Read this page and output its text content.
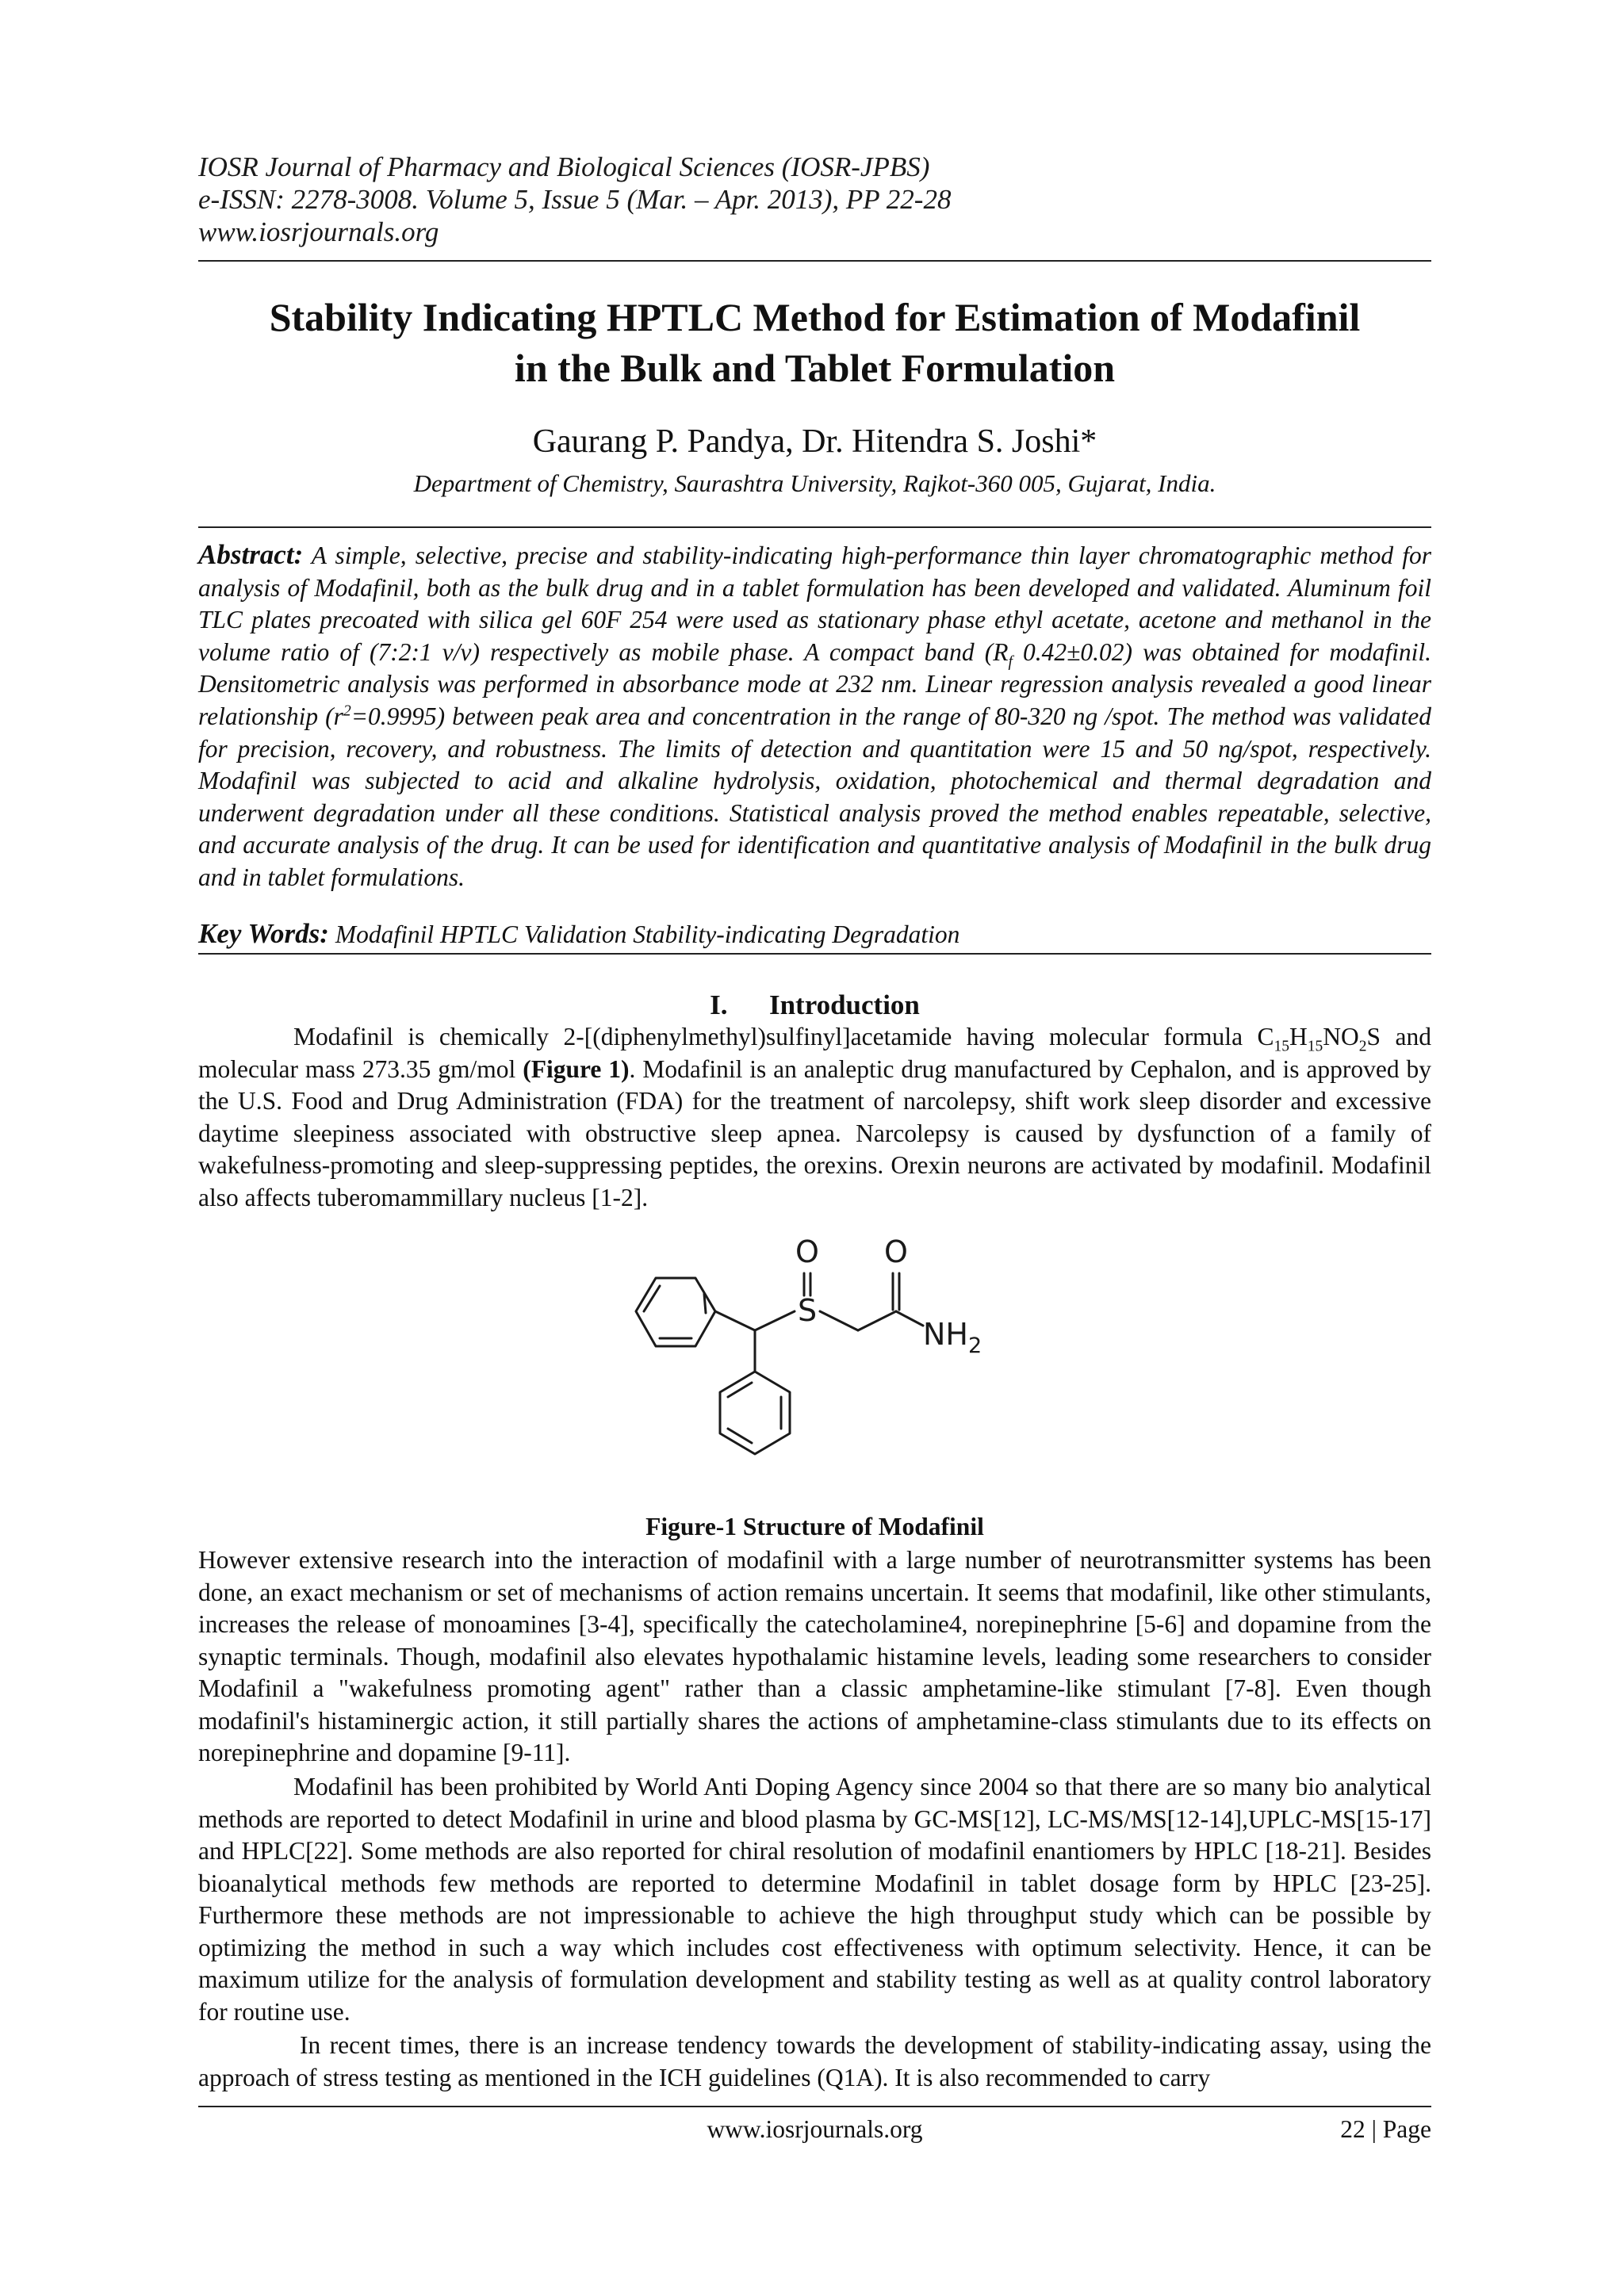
IOSR Journal of Pharmacy and Biological Sciences (IOSR-JPBS)
e-ISSN: 2278-3008. Volume 5, Issue 5 (Mar. – Apr. 2013), PP 22-28
www.iosrjournals.org
Stability Indicating HPTLC Method for Estimation of Modafinil
in the Bulk and Tablet Formulation
Gaurang P. Pandya, Dr. Hitendra S. Joshi*
Department of Chemistry, Saurashtra University, Rajkot-360 005, Gujarat, India.
Abstract: A simple, selective, precise and stability-indicating high-performance thin layer chromatographic method for analysis of Modafinil, both as the bulk drug and in a tablet formulation has been developed and validated. Aluminum foil TLC plates precoated with silica gel 60F 254 were used as stationary phase ethyl acetate, acetone and methanol in the volume ratio of (7:2:1 v/v) respectively as mobile phase. A compact band ($R_f$ 0.42±0.02) was obtained for modafinil. Densitometric analysis was performed in absorbance mode at 232 nm. Linear regression analysis revealed a good linear relationship $(r^2=0.9995)$ between peak area and concentration in the range of 80-320 ng /spot. The method was validated for precision, recovery, and robustness. The limits of detection and quantitation were 15 and 50 ng/spot, respectively. Modafinil was subjected to acid and alkaline hydrolysis, oxidation, photochemical and thermal degradation and underwent degradation under all these conditions. Statistical analysis proved the method enables repeatable, selective, and accurate analysis of the drug. It can be used for identification and quantitative analysis of Modafinil in the bulk drug and in tablet formulations.
Key Words: Modafinil HPTLC Validation Stability-indicating Degradation
I.      Introduction
Modafinil is chemically 2-[(diphenylmethyl)sulfinyl]acetamide having molecular formula $C_{15}H_{15}NO_2S$ and molecular mass 273.35 gm/mol (Figure 1). Modafinil is an analeptic drug manufactured by Cephalon, and is approved by the U.S. Food and Drug Administration (FDA) for the treatment of narcolepsy, shift work sleep disorder and excessive daytime sleepiness associated with obstructive sleep apnea. Narcolepsy is caused by dysfunction of a family of wakefulness-promoting and sleep-suppressing peptides, the orexins. Orexin neurons are activated by modafinil. Modafinil also affects tuberomammillary nucleus [1-2].
O O
S
$NH_2$
Figure-1 Structure of Modafinil
However extensive research into the interaction of modafinil with a large number of neurotransmitter systems has been done, an exact mechanism or set of mechanisms of action remains uncertain. It seems that modafinil, like other stimulants, increases the release of monoamines [3-4], specifically the catecholamine4, norepinephrine [5-6] and dopamine from the synaptic terminals. Though, modafinil also elevates hypothalamic histamine levels, leading some researchers to consider Modafinil a "wakefulness promoting agent" rather than a classic amphetamine-like stimulant [7-8]. Even though modafinil's histaminergic action, it still partially shares the actions of amphetamine-class stimulants due to its effects on norepinephrine and dopamine [9-11].
Modafinil has been prohibited by World Anti Doping Agency since 2004 so that there are so many bio analytical methods are reported to detect Modafinil in urine and blood plasma by GC-MS[12], LC-MS/MS[12-14],UPLC-MS[15-17] and HPLC[22]. Some methods are also reported for chiral resolution of modafinil enantiomers by HPLC [18-21]. Besides bioanalytical methods few methods are reported to determine Modafinil in tablet dosage form by HPLC [23-25]. Furthermore these methods are not impressionable to achieve the high throughput study which can be possible by optimizing the method in such a way which includes cost effectiveness with optimum selectivity. Hence, it can be maximum utilize for the analysis of formulation development and stability testing as well as at quality control laboratory for routine use.
In recent times, there is an increase tendency towards the development of stability-indicating assay, using the approach of stress testing as mentioned in the ICH guidelines (Q1A). It is also recommended to carry
www.iosrjournals.org	22 | Page
